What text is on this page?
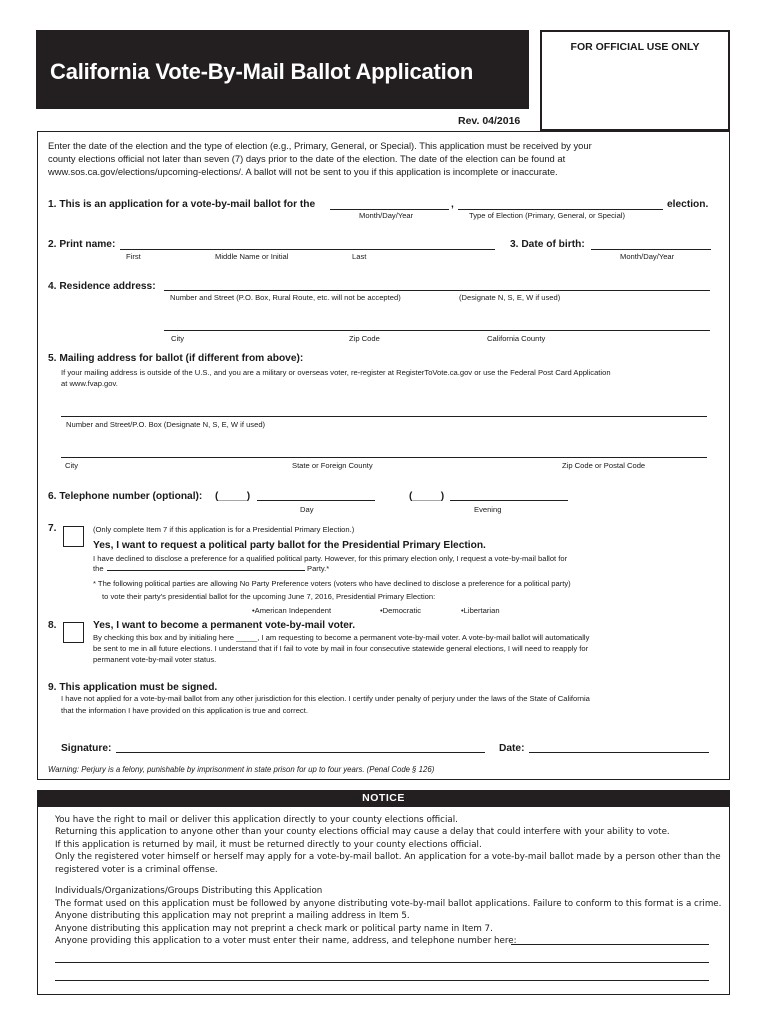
California Vote-By-Mail Ballot Application
FOR OFFICIAL USE ONLY
Rev. 04/2016
Enter the date of the election and the type of election (e.g., Primary, General, or Special). This application must be received by your
county elections official not later than seven (7) days prior to the date of the election. The date of the election can be found at
www.sos.ca.gov/elections/upcoming-elections/. A ballot will not be sent to you if this application is incomplete or inaccurate.
1. This is an application for a vote-by-mail ballot for the	,	election.
Month/Day/Year	Type of Election (Primary, General, or Special)
2. Print name:
First	Middle Name or Initial	Last
3. Date of birth:
Month/Day/Year
4. Residence address:
Number and Street (P.O. Box, Rural Route, etc. will not be accepted)	(Designate N, S, E, W if used)
City	Zip Code	California County
5. Mailing address for ballot (if different from above):
If your mailing address is outside of the U.S., and you are a military or overseas voter, re-register at RegisterToVote.ca.gov or use the Federal Post Card Application
at www.fvap.gov.
Number and Street/P.O. Box (Designate N, S, E, W if used)
City	State or Foreign County	Zip Code or Postal Code
6. Telephone number (optional): (_____)
Day
(_____)
Evening
7.	(Only complete Item 7 if this application is for a Presidential Primary Election.)
Yes, I want to request a political party ballot for the Presidential Primary Election.
I have declined to disclose a preference for a qualified political party. However, for this primary election only, I request a vote-by-mail ballot for
the	Party.*
* The following political parties are allowing No Party Preference voters (voters who have declined to disclose a preference for a political party)
to vote their party's presidential ballot for the upcoming June 7, 2016, Presidential Primary Election:
•American Independent	•Democratic	•Libertarian
8.	Yes, I want to become a permanent vote-by-mail voter.
By checking this box and by initialing here _____, I am requesting to become a permanent vote-by-mail voter. A vote-by-mail ballot will automatically
be sent to me in all future elections. I understand that if I fail to vote by mail in four consecutive statewide general elections, I will need to reapply for
permanent vote-by-mail voter status.
9. This application must be signed.
I have not applied for a vote-by-mail ballot from any other jurisdiction for this election. I certify under penalty of perjury under the laws of the State of California
that the information I have provided on this application is true and correct.
Signature:	Date:
Warning: Perjury is a felony, punishable by imprisonment in state prison for up to four years. (Penal Code § 126)
NOTICE
You have the right to mail or deliver this application directly to your county elections official.
Returning this application to anyone other than your county elections official may cause a delay that could interfere with your ability to vote.
If this application is returned by mail, it must be returned directly to your county elections official.
Only the registered voter himself or herself may apply for a vote-by-mail ballot. An application for a vote-by-mail ballot made by a person other than the
registered voter is a criminal offense.
Individuals/Organizations/Groups Distributing this Application
The format used on this application must be followed by anyone distributing vote-by-mail ballot applications. Failure to conform to this format is a crime.
Anyone distributing this application may not preprint a mailing address in Item 5.
Anyone distributing this application may not preprint a check mark or political party name in Item 7.
Anyone providing this application to a voter must enter their name, address, and telephone number here:
